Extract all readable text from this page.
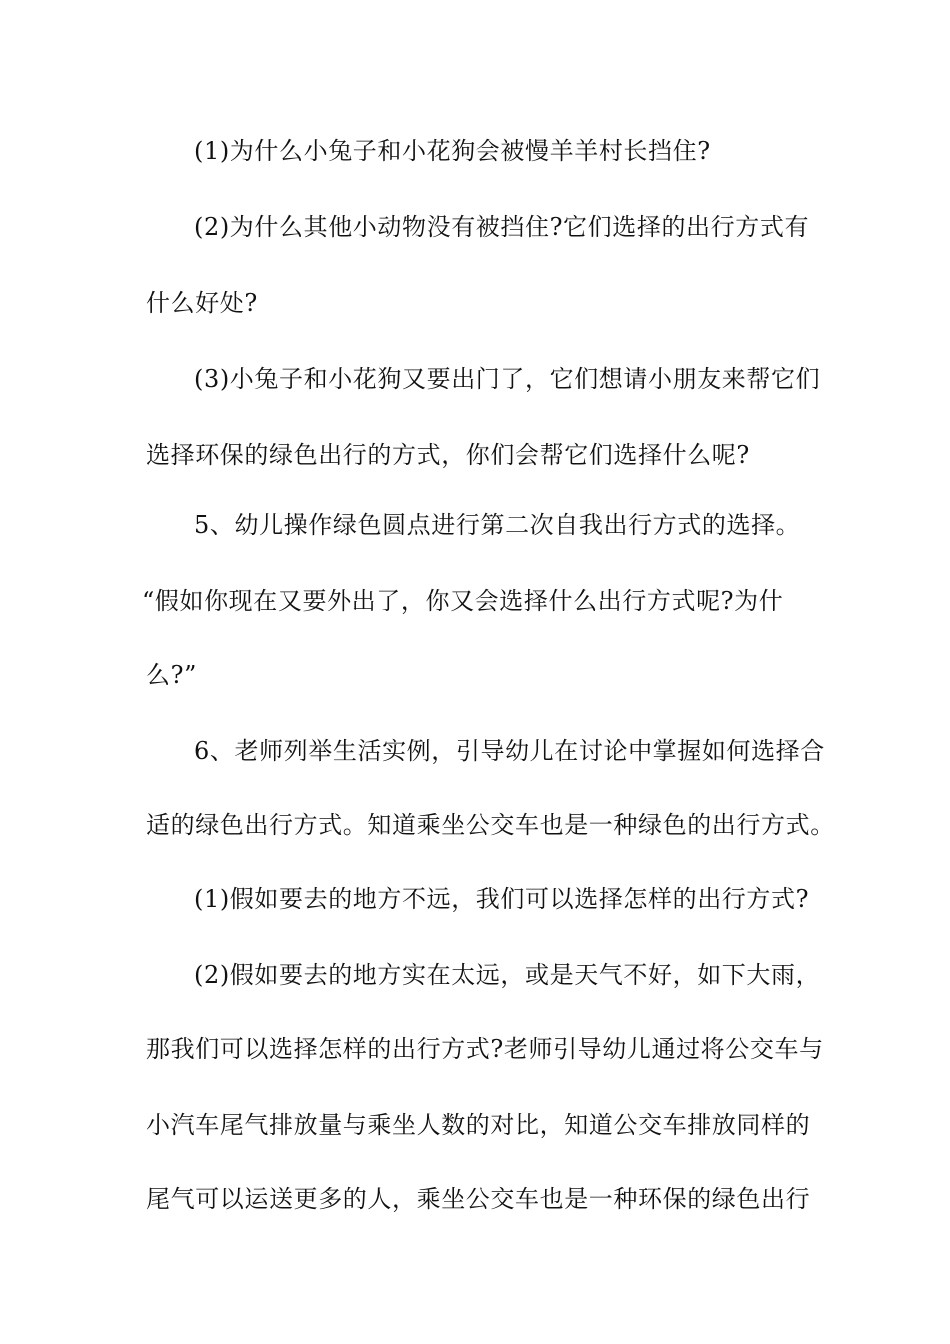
(1)为什么小兔子和小花狗会被慢羊羊村长挡住?
(2)为什么其他小动物没有被挡住?它们选择的出行方式有
什么好处?
(3)小兔子和小花狗又要出门了，它们想请小朋友来帮它们
选择环保的绿色出行的方式，你们会帮它们选择什么呢?
5、幼儿操作绿色圆点进行第二次自我出行方式的选择。
“假如你现在又要外出了，你又会选择什么出行方式呢?为什
么?”
6、老师列举生活实例，引导幼儿在讨论中掌握如何选择合
适的绿色出行方式。知道乘坐公交车也是一种绿色的出行方式。
(1)假如要去的地方不远，我们可以选择怎样的出行方式?
(2)假如要去的地方实在太远，或是天气不好，如下大雨，
那我们可以选择怎样的出行方式?老师引导幼儿通过将公交车与
小汽车尾气排放量与乘坐人数的对比，知道公交车排放同样的
尾气可以运送更多的人，乘坐公交车也是一种环保的绿色出行
